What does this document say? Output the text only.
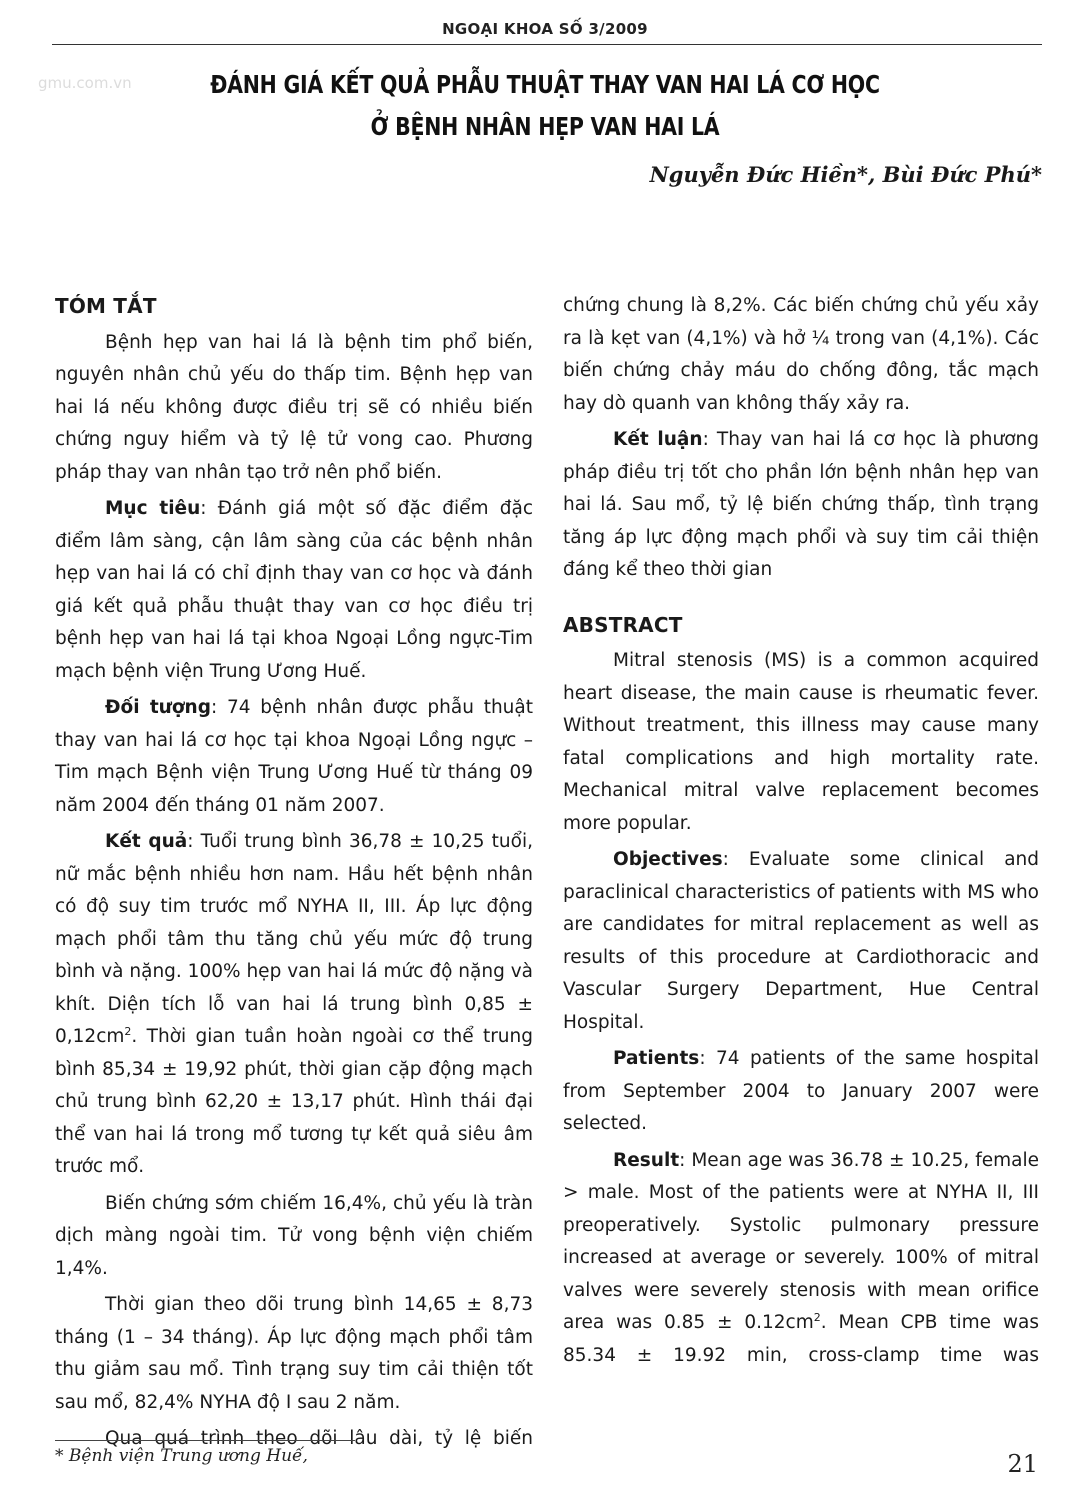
NGOẠI KHOA SỐ 3/2009
gmu.com.vn	ĐÁNH GIÁ KẾT QUẢ PHẪU THUẬT THAY VAN HAI LÁ CƠ HỌC
Ở BỆNH NHÂN HẸP VAN HAI LÁ
Nguyễn Đức Hiền*, Bùi Đức Phú*
TÓM TẮT

Bệnh hẹp van hai lá là bệnh tim phổ biến, nguyên nhân chủ yếu do thấp tim. Bệnh hẹp van hai lá nếu không được điều trị sẽ có nhiều biến chứng nguy hiểm và tỷ lệ tử vong cao. Phương pháp thay van nhân tạo trở nên phổ biến.

Mục tiêu: Đánh giá một số đặc điểm đặc điểm lâm sàng, cận lâm sàng của các bệnh nhân hẹp van hai lá có chỉ định thay van cơ học và đánh giá kết quả phẫu thuật thay van cơ học điều trị bệnh hẹp van hai lá tại khoa Ngoại Lồng ngực-Tim mạch bệnh viện Trung Ương Huế.

Đối tượng: 74 bệnh nhân được phẫu thuật thay van hai lá cơ học tại khoa Ngoại Lồng ngực – Tim mạch Bệnh viện Trung Ương Huế từ tháng 09 năm 2004 đến tháng 01 năm 2007.

Kết quả: Tuổi trung bình 36,78 ± 10,25 tuổi, nữ mắc bệnh nhiều hơn nam. Hầu hết bệnh nhân có độ suy tim trước mổ NYHA II, III. Áp lực động mạch phổi tâm thu tăng chủ yếu mức độ trung bình và nặng. 100% hẹp van hai lá mức độ nặng và khít. Diện tích lỗ van hai lá trung bình $0,85 \pm 0,12cm^2$. Thời gian tuần hoàn ngoài cơ thể trung bình 85,34 ± 19,92 phút, thời gian cặp động mạch chủ trung bình 62,20 ± 13,17 phút. Hình thái đại thể van hai lá trong mổ tương tự kết quả siêu âm trước mổ.

Biến chứng sớm chiếm 16,4%, chủ yếu là tràn dịch màng ngoài tim. Tử vong bệnh viện chiếm 1,4%.

Thời gian theo dõi trung bình 14,65 ± 8,73 tháng (1 – 34 tháng). Áp lực động mạch phổi tâm thu giảm sau mổ. Tình trạng suy tim cải thiện tốt sau mổ, 82,4% NYHA độ I sau 2 năm.

Qua quá trình theo dõi lâu dài, tỷ lệ biến

chứng chung là 8,2%. Các biến chứng chủ yếu xảy ra là kẹt van (4,1%) và hở ¼ trong van (4,1%). Các biến chứng chảy máu do chống đông, tắc mạch hay dò quanh van không thấy xảy ra.

Kết luận: Thay van hai lá cơ học là phương pháp điều trị tốt cho phần lớn bệnh nhân hẹp van hai lá. Sau mổ, tỷ lệ biến chứng thấp, tình trạng tăng áp lực động mạch phổi và suy tim cải thiện đáng kể theo thời gian

ABSTRACT

Mitral stenosis (MS) is a common acquired heart disease, the main cause is rheumatic fever. Without treatment, this illness may cause many fatal complications and high mortality rate. Mechanical mitral valve replacement becomes more popular.

Objectives: Evaluate some clinical and paraclinical characteristics of patients with MS who are candidates for mitral replacement as well as results of this procedure at Cardiothoracic and Vascular Surgery Department, Hue Central Hospital.

Patients: 74 patients of the same hospital from September 2004 to January 2007 were selected.

Result: Mean age was 36.78 ± 10.25, female > male. Most of the patients were at NYHA II, III preoperatively. Systolic pulmonary pressure increased at average or severely. 100% of mitral valves were severely stenosis with mean orifice area was $0.85 \pm 0.12cm^2$. Mean CPB time was 85.34 ± 19.92 min, cross-clamp time was

* Bệnh viện Trung ương Huế,	21
